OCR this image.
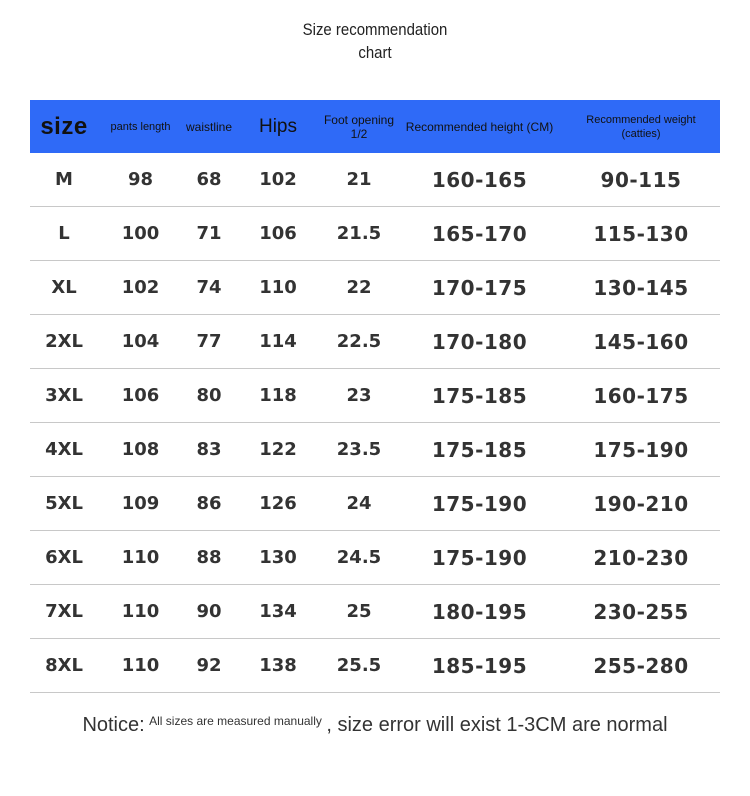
Size recommendation
chart
size	pants length	waistline	Hips	Foot opening 1/2	Recommended height (CM)	Recommended weight (catties)
M	98	68	102	21	160-165	90-115
L	100	71	106	21.5	165-170	115-130
XL	102	74	110	22	170-175	130-145
2XL	104	77	114	22.5	170-180	145-160
3XL	106	80	118	23	175-185	160-175
4XL	108	83	122	23.5	175-185	175-190
5XL	109	86	126	24	175-190	190-210
6XL	110	88	130	24.5	175-190	210-230
7XL	110	90	134	25	180-195	230-255
8XL	110	92	138	25.5	185-195	255-280
Notice: $^{All sizes are measured manually}$ , size error will exist 1-3CM are normal
